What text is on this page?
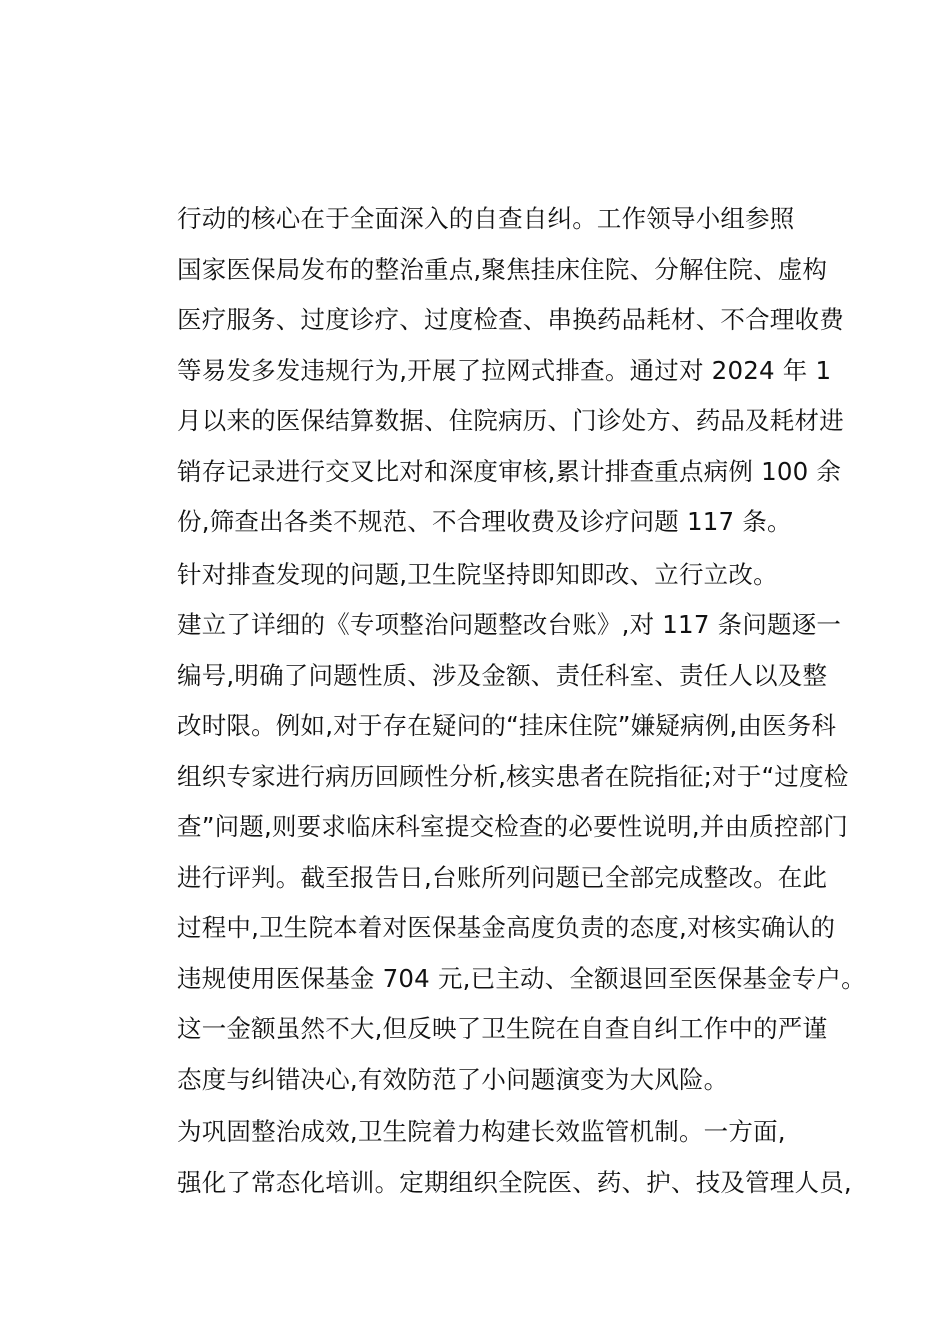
行动的核心在于全面深入的自查自纠。工作领导小组参照
国家医保局发布的整治重点,聚焦挂床住院、分解住院、虚构
医疗服务、过度诊疗、过度检查、串换药品耗材、不合理收费
等易发多发违规行为,开展了拉网式排查。通过对 2024 年 1
月以来的医保结算数据、住院病历、门诊处方、药品及耗材进
销存记录进行交叉比对和深度审核,累计排查重点病例 100 余
份,筛查出各类不规范、不合理收费及诊疗问题 117 条。

针对排查发现的问题,卫生院坚持即知即改、立行立改。
建立了详细的《专项整治问题整改台账》,对 117 条问题逐一
编号,明确了问题性质、涉及金额、责任科室、责任人以及整
改时限。例如,对于存在疑问的“挂床住院”嫌疑病例,由医务科
组织专家进行病历回顾性分析,核实患者在院指征;对于“过度检
查”问题,则要求临床科室提交检查的必要性说明,并由质控部门
进行评判。截至报告日,台账所列问题已全部完成整改。在此
过程中,卫生院本着对医保基金高度负责的态度,对核实确认的
违规使用医保基金 704 元,已主动、全额退回至医保基金专户。
这一金额虽然不大,但反映了卫生院在自查自纠工作中的严谨
态度与纠错决心,有效防范了小问题演变为大风险。

为巩固整治成效,卫生院着力构建长效监管机制。一方面,
强化了常态化培训。定期组织全院医、药、护、技及管理人员,
